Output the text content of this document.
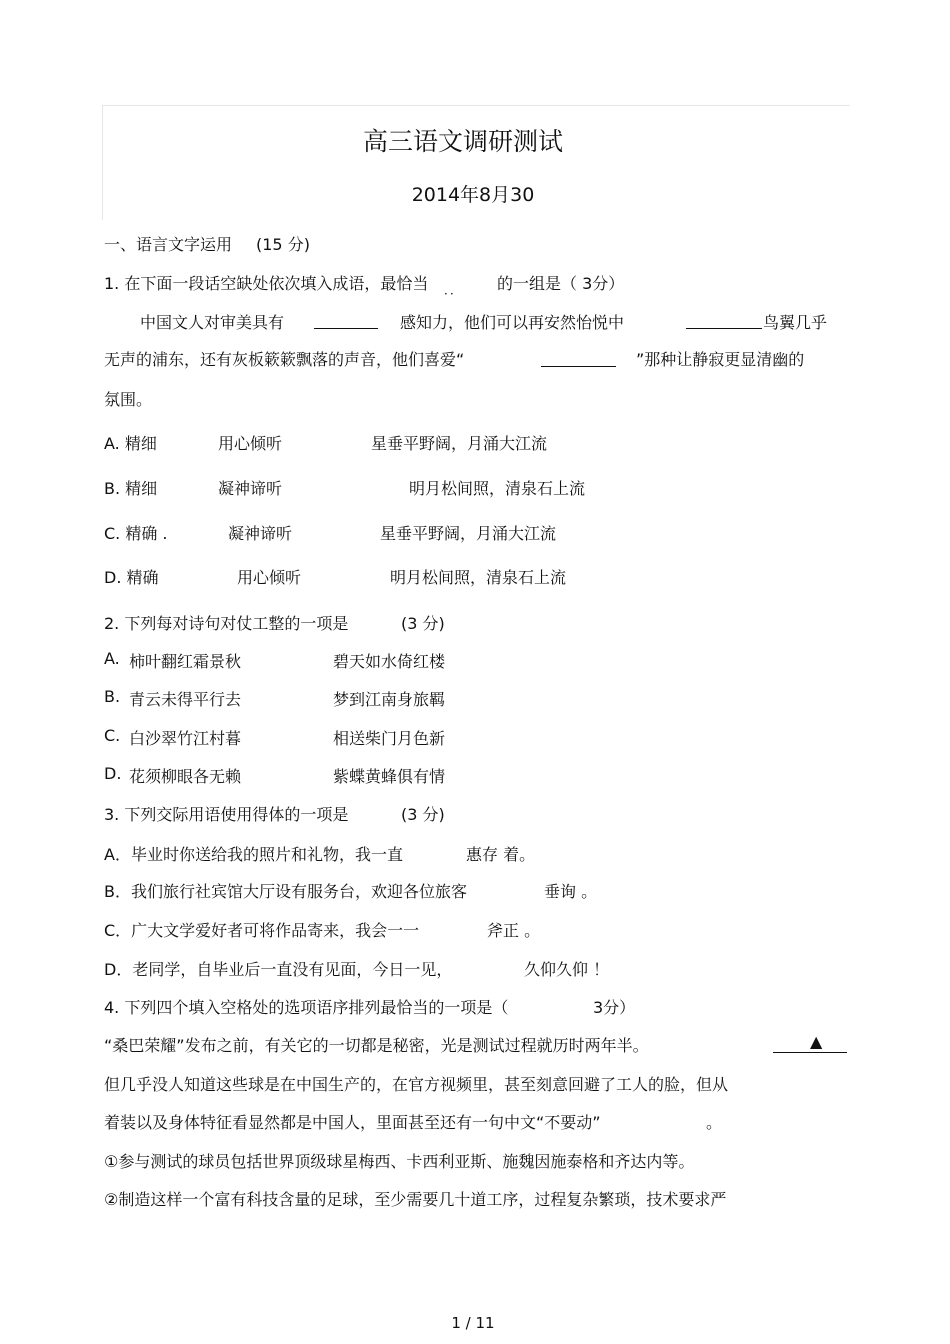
高三语文调研测试
2014年8月30
一、语言文字运用 (15 分)
1. 在下面一段话空缺处依次填入成语，最恰当 ．． 的一组是（ 3分）
中国文人对审美具有	感知力，他们可以再安然怡悦中	鸟翼几乎
无声的浦东，还有灰板簌簌飘落的声音，他们喜爱“	”那种让静寂更显清幽的
氛围。
A. 精细	用心倾听	星垂平野阔，月涌大江流
B. 精细	凝神谛听	明月松间照，清泉石上流
C. 精确 .	凝神谛听	星垂平野阔，月涌大江流
D. 精确	用心倾听	明月松间照，清泉石上流
2. 下列每对诗句对仗工整的一项是	(3 分)
A. 柿叶翻红霜景秋	碧天如水倚红楼
B. 青云未得平行去	梦到江南身旅羁
C. 白沙翠竹江村暮	相送柴门月色新
D. 花须柳眼各无赖	紫蝶黄蜂俱有情
3. 下列交际用语使用得体的一项是	(3 分)
A．毕业时你送给我的照片和礼物，我一直	惠存 着。
B．我们旅行社宾馆大厅设有服务台，欢迎各位旅客	垂询 。
C．广大文学爱好者可将作品寄来，我会一一	斧正 。
D．老同学，自毕业后一直没有见面，今日一见，	久仰久仰 ！
4. 下列四个填入空格处的选项语序排列最恰当的一项是（	3分）
“桑巴荣耀”发布之前，有关它的一切都是秘密，光是测试过程就历时两年半。	▲
但几乎没人知道这些球是在中国生产的，在官方视频里，甚至刻意回避了工人的脸，但从
着装以及身体特征看显然都是中国人，里面甚至还有一句中文“不要动”	。
①参与测试的球员包括世界顶级球星梅西、卡西利亚斯、施魏因施泰格和齐达内等。
②制造这样一个富有科技含量的足球，至少需要几十道工序，过程复杂繁琐，技术要求严
1 / 11
